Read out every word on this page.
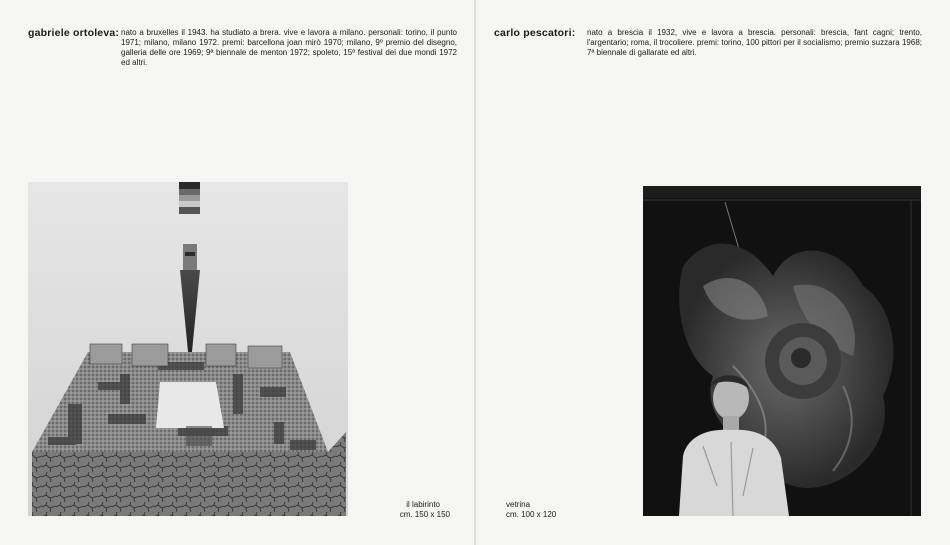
gabriele ortoleva: nato a bruxelles il 1943. ha studiato a brera. vive e lavora a milano. personali: torino, il punto 1971; milano, milano 1972. premi: barcellona joan mirò 1970; milano, 9º premio del disegno, galleria delle ore 1969; 9ª biennale de menton 1972; spoleto, 15º festival dei due mondi 1972 ed altri.
il labirinto
cm. 150 x 150
carlo pescatori: nato a brescia il 1932, vive e lavora a brescia. personali: brescia, fant cagni; trento, l'argentario; roma, il trocoliere. premi: torino, 100 pittori per il socialismo; premio suzzara 1968; 7ª biennale di gallarate ed altri.
vetrina
cm. 100 x 120
